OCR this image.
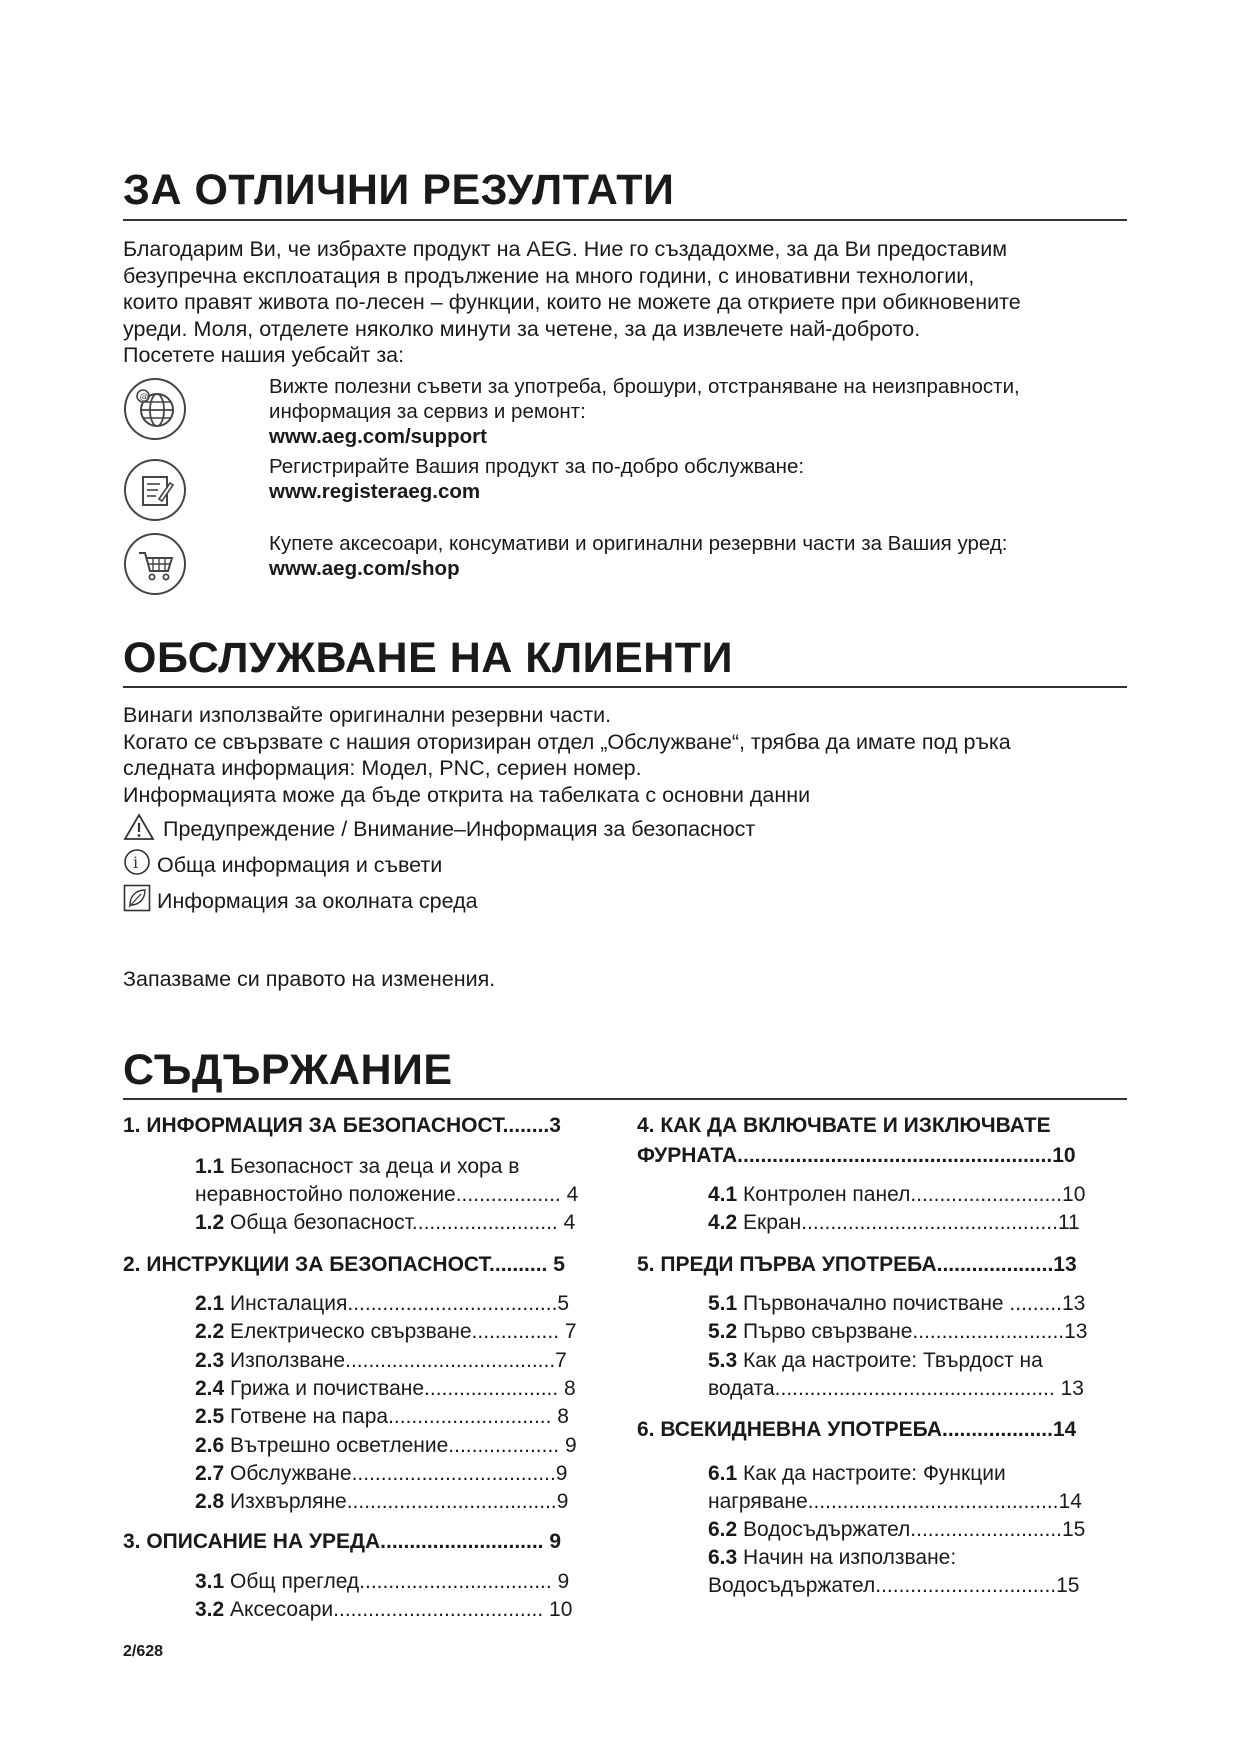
ЗА ОТЛИЧНИ РЕЗУЛТАТИ
Благодарим Ви, че избрахте продукт на AEG. Ние го създадохме, за да Ви предоставим
безупречна експлоатация в продължение на много години, с иновативни технологии,
които правят живота по-лесен – функции, които не можете да откриете при обикновените
уреди. Моля, отделете няколко минути за четене, за да извлечете най-доброто.
Посетете нашия уебсайт за:
@	Вижте полезни съвети за употреба, брошури, отстраняване на неизправности,
информация за сервиз и ремонт:
www.aeg.com/support
Регистрирайте Вашия продукт за по-добро обслужване:
www.registeraeg.com
Купете аксесоари, консумативи и оригинални резервни части за Вашия уред:
www.aeg.com/shop
ОБСЛУЖВАНЕ НА КЛИЕНТИ
Винаги използвайте оригинални резервни части.
Когато се свързвате с нашия оторизиран отдел „Обслужване“, трябва да имате под ръка
следната информация: Модел, PNC, сериен номер.
Информацията може да бъде открита на табелката с основни данни
Предупреждение / Внимание–Информация за безопасност
i Обща информация и съвети
Информация за околната среда
Запазваме си правото на изменения.
СЪДЪРЖАНИЕ
1. ИНФОРМАЦИЯ ЗА БЕЗОПАСНОСТ........3
1.1 Безопасност за деца и хора в
неравностойно положение.................. 4
1.2 Обща безопасност......................... 4
2. ИНСТРУКЦИИ ЗА БЕЗОПАСНОСТ.......... 5
2.1 Инсталация....................................5
2.2 Електрическо свързване............... 7
2.3 Използване....................................7
2.4 Грижа и почистване....................... 8
2.5 Готвене на пара............................ 8
2.6 Вътрешно осветление................... 9
2.7 Обслужване...................................9
2.8 Изхвърляне....................................9
3. ОПИСАНИЕ НА УРЕДА............................ 9
3.1 Общ преглед................................. 9
3.2 Аксесоари.................................... 10
4. КАК ДА ВКЛЮЧВАТЕ И ИЗКЛЮЧВАТЕ
ФУРНАТА......................................................10
4.1 Контролен панел..........................10
4.2 Екран............................................11
5. ПРЕДИ ПЪРВА УПОТРЕБА....................13
5.1 Първоначално почистване .........13
5.2 Първо свързване..........................13
5.3 Как да настроите: Твърдост на
водата................................................ 13
6. ВСЕКИДНЕВНА УПОТРЕБА...................14
6.1 Как да настроите: Функции
нагряване...........................................14
6.2 Водосъдържател..........................15
6.3 Начин на използване:
Водосъдържател...............................15
2/628
